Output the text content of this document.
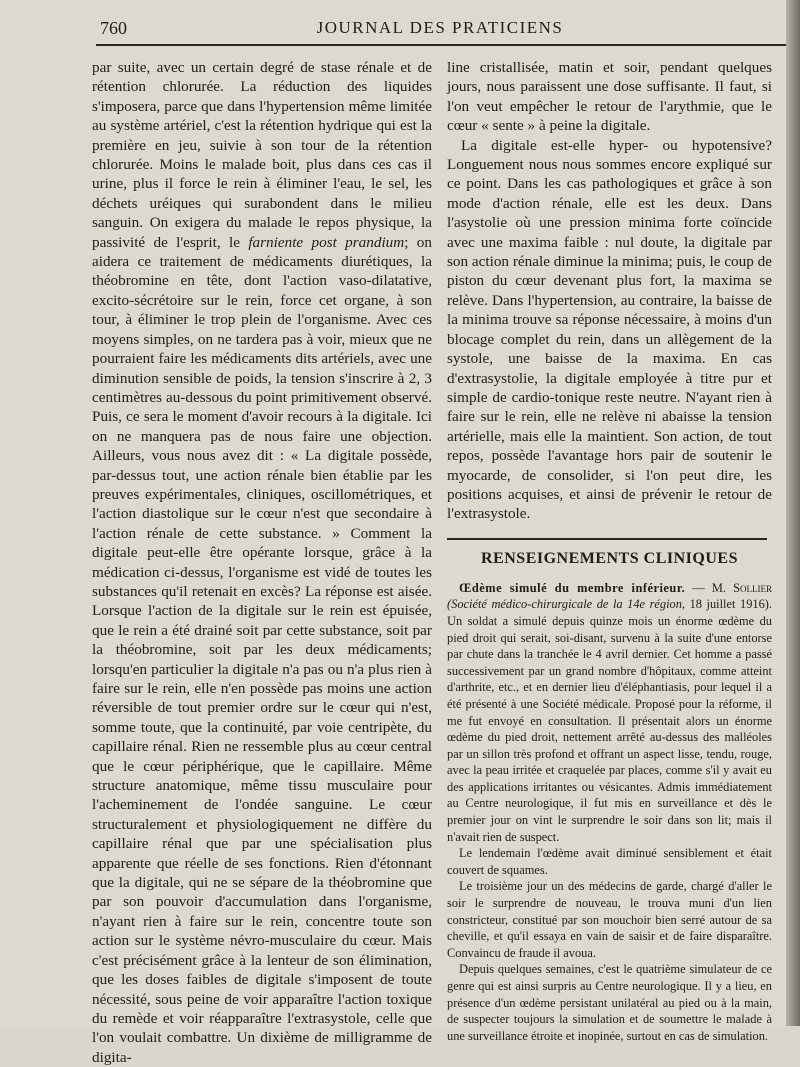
760	JOURNAL DES PRATICIENS

par suite, avec un certain degré de stase rénale et de rétention chlorurée. La réduction des liquides s'imposera, parce que dans l'hypertension même limitée au système artériel, c'est la rétention hydrique qui est la première en jeu, suivie à son tour de la rétention chlorurée. Moins le malade boit, plus dans ces cas il urine, plus il force le rein à éliminer l'eau, le sel, les déchets uréiques qui surabondent dans le milieu sanguin. On exigera du malade le repos physique, la passivité de l'esprit, le farniente post prandium; on aidera ce traitement de médicaments diurétiques, la théobromine en tête, dont l'action vaso-dilatative, excito-sécrétoire sur le rein, force cet organe, à son tour, à éliminer le trop plein de l'organisme. Avec ces moyens simples, on ne tardera pas à voir, mieux que ne pourraient faire les médicaments dits artériels, avec une diminution sensible de poids, la tension s'inscrire à 2, 3 centimètres au-dessous du point primitivement observé. Puis, ce sera le moment d'avoir recours à la digitale. Ici on ne manquera pas de nous faire une objection. Ailleurs, vous nous avez dit : « La digitale possède, par-dessus tout, une action rénale bien établie par les preuves expérimentales, cliniques, oscillométriques, et l'action diastolique sur le cœur n'est que secondaire à l'action rénale de cette substance. » Comment la digitale peut-elle être opérante lorsque, grâce à la médication ci-dessus, l'organisme est vidé de toutes les substances qu'il retenait en excès? La réponse est aisée. Lorsque l'action de la digitale sur le rein est épuisée, que le rein a été drainé soit par cette substance, soit par la théobromine, soit par les deux médicaments; lorsqu'en particulier la digitale n'a pas ou n'a plus rien à faire sur le rein, elle n'en possède pas moins une action réversible de tout premier ordre sur le cœur qui n'est, somme toute, que la continuité, par voie centripète, du capillaire rénal. Rien ne ressemble plus au cœur central que le cœur périphérique, que le capillaire. Même structure anatomique, même tissu musculaire pour l'acheminement de l'ondée sanguine. Le cœur structuralement et physiologiquement ne diffère du capillaire rénal que par une spécialisation plus apparente que réelle de ses fonctions. Rien d'étonnant que la digitale, qui ne se sépare de la théobromine que par son pouvoir d'accumulation dans l'organisme, n'ayant rien à faire sur le rein, concentre toute son action sur le système névro-musculaire du cœur. Mais c'est précisément grâce à la lenteur de son élimination, que les doses faibles de digitale s'imposent de toute nécessité, sous peine de voir apparaître l'action toxique du remède et voir réapparaître l'extrasystole, celle que l'on voulait combattre. Un dixième de milligramme de digita-

line cristallisée, matin et soir, pendant quelques jours, nous paraissent une dose suffisante. Il faut, si l'on veut empêcher le retour de l'arythmie, que le cœur « sente » à peine la digitale.

La digitale est-elle hyper- ou hypotensive? Longuement nous nous sommes encore expliqué sur ce point. Dans les cas pathologiques et grâce à son mode d'action rénale, elle est les deux. Dans l'asystolie où une pression minima forte coïncide avec une maxima faible : nul doute, la digitale par son action rénale diminue la minima; puis, le coup de piston du cœur devenant plus fort, la maxima se relève. Dans l'hypertension, au contraire, la baisse de la minima trouve sa réponse nécessaire, à moins d'un blocage complet du rein, dans un allègement de la systole, une baisse de la maxima. En cas d'extrasystolie, la digitale employée à titre pur et simple de cardio-tonique reste neutre. N'ayant rien à faire sur le rein, elle ne relève ni abaisse la tension artérielle, mais elle la maintient. Son action, de tout repos, possède l'avantage hors pair de soutenir le myocarde, de consolider, si l'on peut dire, les positions acquises, et ainsi de prévenir le retour de l'extrasystole.

RENSEIGNEMENTS CLINIQUES

Œdème simulé du membre inférieur. — M. Sollier (Société médico-chirurgicale de la 14e région, 18 juillet 1916). Un soldat a simulé depuis quinze mois un énorme œdème du pied droit qui serait, soi-disant, survenu à la suite d'une entorse par chute dans la tranchée le 4 avril dernier. Cet homme a passé successivement par un grand nombre d'hôpitaux, comme atteint d'arthrite, etc., et en dernier lieu d'éléphantiasis, pour lequel il a été présenté à une Société médicale. Proposé pour la réforme, il me fut envoyé en consultation. Il présentait alors un énorme œdème du pied droit, nettement arrêté au-dessus des malléoles par un sillon très profond et offrant un aspect lisse, tendu, rouge, avec la peau irritée et craquelée par places, comme s'il y avait eu des applications irritantes ou vésicantes. Admis immédiatement au Centre neurologique, il fut mis en surveillance et dès le premier jour on vint le surprendre le soir dans son lit; mais il n'avait rien de suspect.

Le lendemain l'œdème avait diminué sensiblement et était couvert de squames.

Le troisième jour un des médecins de garde, chargé d'aller le soir le surprendre de nouveau, le trouva muni d'un lien constricteur, constitué par son mouchoir bien serré autour de sa cheville, et qu'il essaya en vain de saisir et de faire disparaître. Convaincu de fraude il avoua.

Depuis quelques semaines, c'est le quatrième simulateur de ce genre qui est ainsi surpris au Centre neurologique. Il y a lieu, en présence d'un œdème persistant unilatéral au pied ou à la main, de suspecter toujours la simulation et de soumettre le malade à une surveillance étroite et inopinée, surtout en cas de simulation.
